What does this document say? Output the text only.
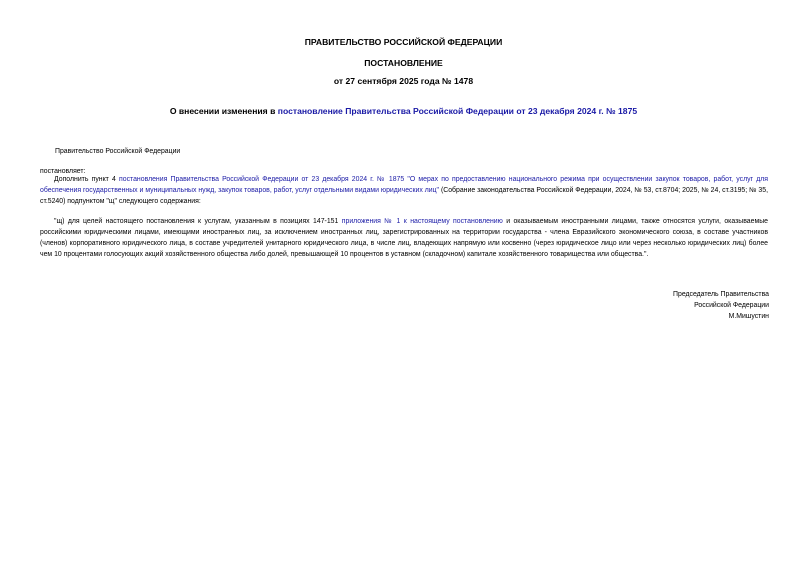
ПРАВИТЕЛЬСТВО РОССИЙСКОЙ ФЕДЕРАЦИИ
ПОСТАНОВЛЕНИЕ
от 27 сентября 2025 года № 1478
О внесении изменения в постановление Правительства Российской Федерации от 23 декабря 2024 г. № 1875
Правительство Российской Федерации
постановляет:
Дополнить пункт 4 постановления Правительства Российской Федерации от 23 декабря 2024 г. № 1875 "О мерах по предоставлению национального режима при осуществлении закупок товаров, работ, услуг для обеспечения государственных и муниципальных нужд, закупок товаров, работ, услуг отдельными видами юридических лиц" (Собрание законодательства Российской Федерации, 2024, № 53, ст.8704; 2025, № 24, ст.3195; № 35, ст.5240) подпунктом "щ" следующего содержания:
"щ) для целей настоящего постановления к услугам, указанным в позициях 147-151 приложения № 1 к настоящему постановлению и оказываемым иностранными лицами, также относятся услуги, оказываемые российскими юридическими лицами, имеющими иностранных лиц, за исключением иностранных лиц, зарегистрированных на территории государства - члена Евразийского экономического союза, в составе участников (членов) корпоративного юридического лица, в составе учредителей унитарного юридического лица, в числе лиц, владеющих напрямую или косвенно (через юридическое лицо или через несколько юридических лиц) более чем 10 процентами голосующих акций хозяйственного общества либо долей, превышающей 10 процентов в уставном (складочном) капитале хозяйственного товарищества или общества.".
Председатель Правительства
Российской Федерации
М.Мишустин
